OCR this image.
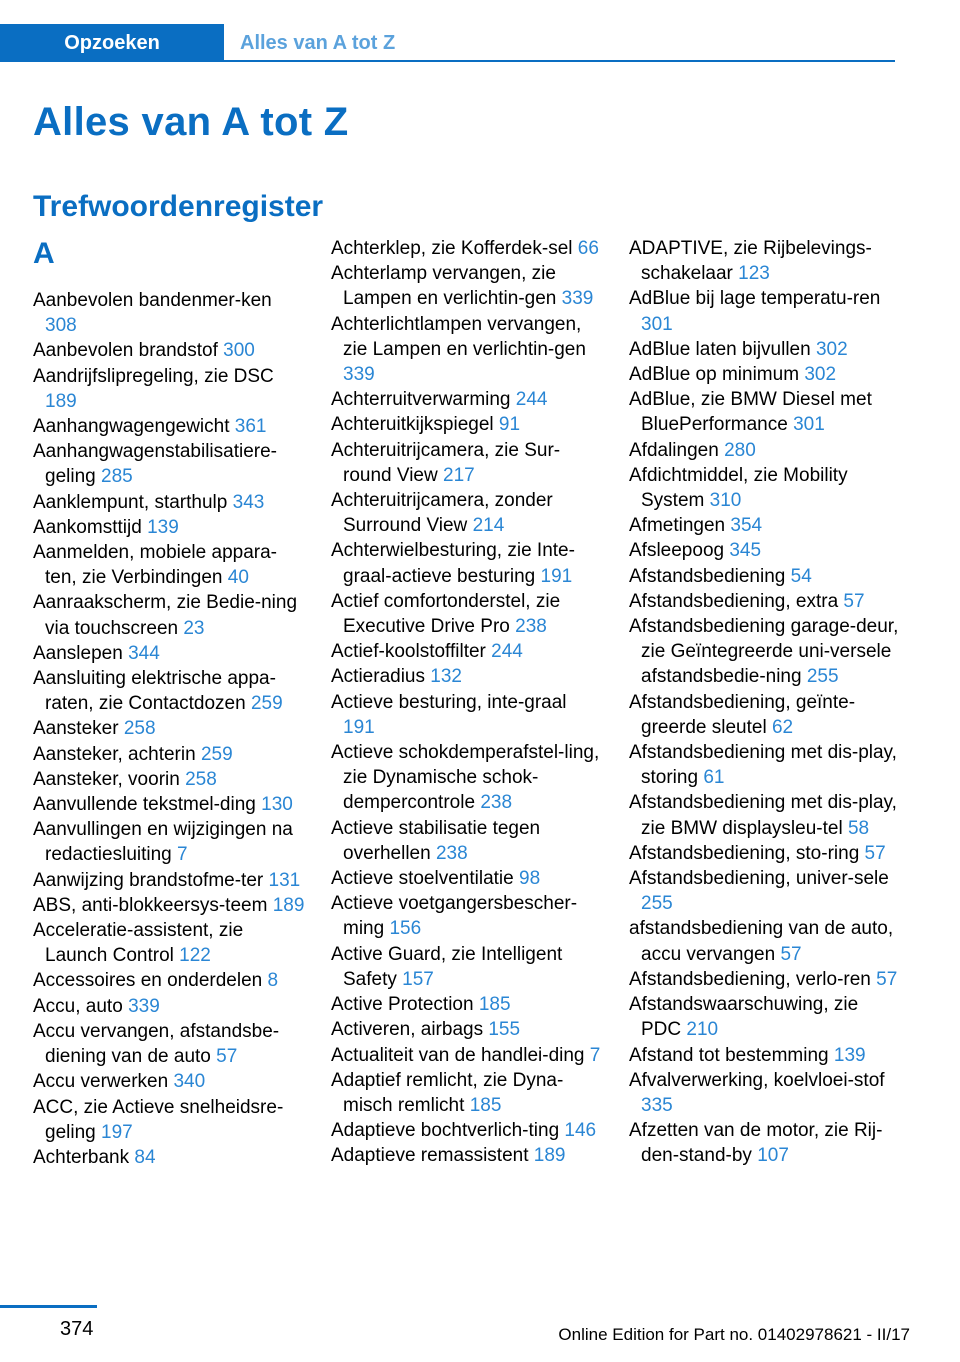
Opzoeken	Alles van A tot Z
Alles van A tot Z
Trefwoordenregister
A
Aanbevolen bandenmer-ken 308
Aanbevolen brandstof 300
Aandrijfslipregeling, zie DSC 189
Aanhangwagengewicht 361
Aanhangwagenstabilisatiere-geling 285
Aanklempunt, starthulp 343
Aankomsttijd 139
Aanmelden, mobiele appara-ten, zie Verbindingen 40
Aanraakscherm, zie Bedie-ning via touchscreen 23
Aanslepen 344
Aansluiting elektrische appa-raten, zie Contactdozen 259
Aansteker 258
Aansteker, achterin 259
Aansteker, voorin 258
Aanvullende tekstmel-ding 130
Aanvullingen en wijzigingen na redactiesluiting 7
Aanwijzing brandstofme-ter 131
ABS, anti-blokkeersys-teem 189
Acceleratie-assistent, zie Launch Control 122
Accessoires en onderdelen 8
Accu, auto 339
Accu vervangen, afstandsbe-diening van de auto 57
Accu verwerken 340
ACC, zie Actieve snelheidsre-geling 197
Achterbank 84
Achterklep, zie Kofferdek-sel 66
Achterlamp vervangen, zie Lampen en verlichtin-gen 339
Achterlichtlampen vervangen, zie Lampen en verlichtin-gen 339
Achterruitverwarming 244
Achteruitkijkspiegel 91
Achteruitrijcamera, zie Sur-round View 217
Achteruitrijcamera, zonder Surround View 214
Achterwielbesturing, zie Inte-graal-actieve besturing 191
Actief comfortonderstel, zie Executive Drive Pro 238
Actief-koolstoffilter 244
Actieradius 132
Actieve besturing, inte-graal 191
Actieve schokdemperafstel-ling, zie Dynamische schok-dempercontrole 238
Actieve stabilisatie tegen overhellen 238
Actieve stoelventilatie 98
Actieve voetgangersbescher-ming 156
Active Guard, zie Intelligent Safety 157
Active Protection 185
Activeren, airbags 155
Actualiteit van de handlei-ding 7
Adaptief remlicht, zie Dyna-misch remlicht 185
Adaptieve bochtverlich-ting 146
Adaptieve remassistent 189
ADAPTIVE, zie Rijbelevings-schakelaar 123
AdBlue bij lage temperatu-ren 301
AdBlue laten bijvullen 302
AdBlue op minimum 302
AdBlue, zie BMW Diesel met BluePerformance 301
Afdalingen 280
Afdichtmiddel, zie Mobility System 310
Afmetingen 354
Afsleepoog 345
Afstandsbediening 54
Afstandsbediening, extra 57
Afstandsbediening garage-deur, zie Geïntegreerde uni-versele afstandsbedie-ning 255
Afstandsbediening, geïnte-greerde sleutel 62
Afstandsbediening met dis-play, storing 61
Afstandsbediening met dis-play, zie BMW displaysleu-tel 58
Afstandsbediening, sto-ring 57
Afstandsbediening, univer-sele 255
afstandsbediening van de auto, accu vervangen 57
Afstandsbediening, verlo-ren 57
Afstandswaarschuwing, zie PDC 210
Afstand tot bestemming 139
Afvalverwerking, koelvloei-stof 335
Afzetten van de motor, zie Rij-den-stand-by 107
374	Online Edition for Part no. 01402978621 - II/17
